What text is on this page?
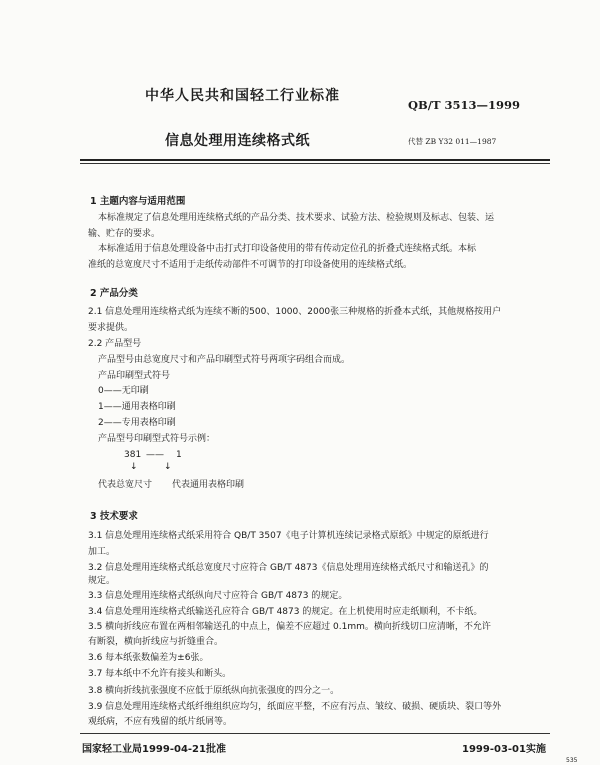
中华人民共和国轻工行业标准
QB/T 3513—1999
信息处理用连续格式纸	代替 ZB Y32 011—1987
1 主题内容与适用范围
本标准规定了信息处理用连续格式纸的产品分类、技术要求、试验方法、检验规则及标志、包装、运
输、贮存的要求。
本标准适用于信息处理设备中击打式打印设备使用的带有传动定位孔的折叠式连续格式纸。本标
准纸的总宽度尺寸不适用于走纸传动部件不可调节的打印设备使用的连续格式纸。
2 产品分类
2.1 信息处理用连续格式纸为连续不断的500、1000、2000张三种规格的折叠本式纸，其他规格按用户
要求提供。
2.2 产品型号
产品型号由总宽度尺寸和产品印刷型式符号两项字码组合而成。
产品印刷型式符号
0——无印刷
1——通用表格印刷
2——专用表格印刷
产品型号印刷型式符号示例：
381 —— 1
↓	↓
代表总宽尺寸 代表通用表格印刷
3 技术要求
3.1 信息处理用连续格式纸采用符合 QB/T 3507《电子计算机连续记录格式原纸》中规定的原纸进行
加工。
3.2 信息处理用连续格式纸总宽度尺寸应符合 GB/T 4873《信息处理用连续格式纸尺寸和输送孔》的
规定。
3.3 信息处理用连续格式纸纵向尺寸应符合 GB/T 4873 的规定。
3.4 信息处理用连续格式纸输送孔应符合 GB/T 4873 的规定。在上机使用时应走纸顺利，不卡纸。
3.5 横向折线应布置在两相邻输送孔的中点上，偏差不应超过 0.1mm。横向折线切口应清晰，不允许
有断裂，横向折线应与折缝重合。
3.6 每本纸张数偏差为±6张。
3.7 每本纸中不允许有接头和断头。
3.8 横向折线抗张强度不应低于原纸纵向抗张强度的四分之一。
3.9 信息处理用连续格式纸纤维组织应均匀，纸面应平整，不应有污点、皱纹、破损、硬质块、裂口等外
观纸病，不应有残留的纸片纸屑等。
国家轻工业局1999-04-21批准	1999-03-01实施
535
